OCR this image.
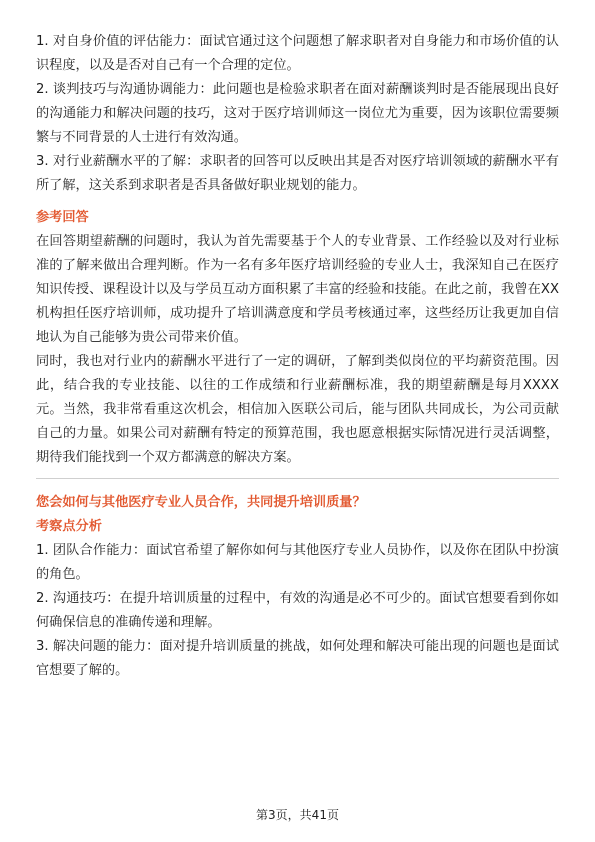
1. 对自身价值的评估能力：面试官通过这个问题想了解求职者对自身能力和市场价值的认识程度，以及是否对自己有一个合理的定位。

2. 谈判技巧与沟通协调能力：此问题也是检验求职者在面对薪酬谈判时是否能展现出良好的沟通能力和解决问题的技巧，这对于医疗培训师这一岗位尤为重要，因为该职位需要频繁与不同背景的人士进行有效沟通。

3. 对行业薪酬水平的了解：求职者的回答可以反映出其是否对医疗培训领域的薪酬水平有所了解，这关系到求职者是否具备做好职业规划的能力。

参考回答

在回答期望薪酬的问题时，我认为首先需要基于个人的专业背景、工作经验以及对行业标准的了解来做出合理判断。作为一名有多年医疗培训经验的专业人士，我深知自己在医疗知识传授、课程设计以及与学员互动方面积累了丰富的经验和技能。在此之前，我曾在XX机构担任医疗培训师，成功提升了培训满意度和学员考核通过率，这些经历让我更加自信地认为自己能够为贵公司带来价值。

同时，我也对行业内的薪酬水平进行了一定的调研，了解到类似岗位的平均薪资范围。因此，结合我的专业技能、以往的工作成绩和行业薪酬标准，我的期望薪酬是每月XXXX元。当然，我非常看重这次机会，相信加入医联公司后，能与团队共同成长，为公司贡献自己的力量。如果公司对薪酬有特定的预算范围，我也愿意根据实际情况进行灵活调整，期待我们能找到一个双方都满意的解决方案。

您会如何与其他医疗专业人员合作，共同提升培训质量？

考察点分析

1. 团队合作能力：面试官希望了解你如何与其他医疗专业人员协作，以及你在团队中扮演的角色。

2. 沟通技巧：在提升培训质量的过程中，有效的沟通是必不可少的。面试官想要看到你如何确保信息的准确传递和理解。

3. 解决问题的能力：面对提升培训质量的挑战，如何处理和解决可能出现的问题也是面试官想要了解的。

第3页，共41页
